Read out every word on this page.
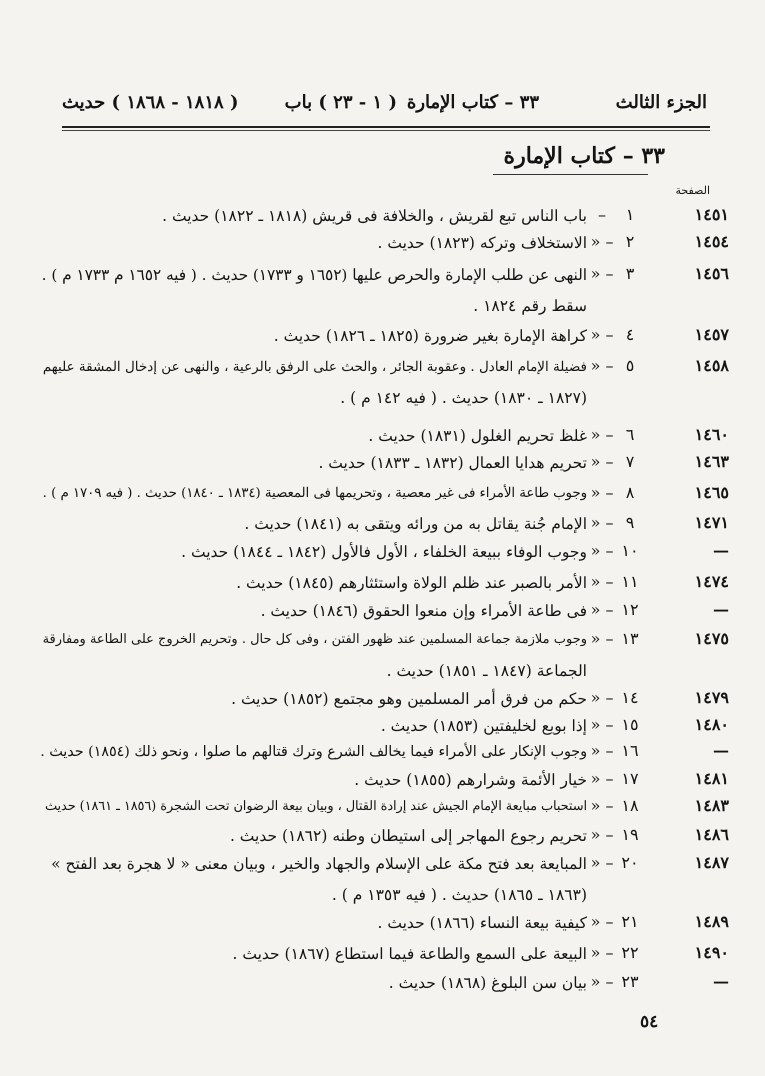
الجزء الثالث
٣٣ – كتاب الإمارة
( ١ - ٢٣ ) باب
( ١٨١٨ - ١٨٦٨ ) حديث
٣٣ – كتاب الإمارة
الصفحة
١٤٥١
١
–
باب الناس تبع لقريش ، والخلافة فى قريش (١٨١٨ ـ ١٨٢٢) حديث .
١٤٥٤
٢
– «
الاستخلاف وتركه (١٨٢٣) حديث .
١٤٥٦
٣
– «
النهى عن طلب الإمارة والحرص عليها (١٦٥٢ و ١٧٣٣) حديث . ( فيه ١٦٥٢ م ١٧٣٣ م ) .
سقط رقم ١٨٢٤ .
١٤٥٧
٤
– «
كراهة الإمارة بغير ضرورة (١٨٢٥ ـ ١٨٢٦) حديث .
١٤٥٨
٥
– «
فضيلة الإمام العادل . وعقوبة الجائر ، والحث على الرفق بالرعية ، والنهى عن إدخال المشقة عليهم
(١٨٢٧ ـ ١٨٣٠) حديث . ( فيه ١٤٢ م ) .
١٤٦٠
٦
– «
غلظ تحريم الغلول (١٨٣١) حديث .
١٤٦٣
٧
– «
تحريم هدايا العمال (١٨٣٢ ـ ١٨٣٣) حديث .
١٤٦٥
٨
– «
وجوب طاعة الأمراء فى غير معصية ، وتحريمها فى المعصية (١٨٣٤ ـ ١٨٤٠) حديث . ( فيه ١٧٠٩ م ) .
١٤٧١
٩
– «
الإمام جُنة يقاتل به من ورائه ويتقى به (١٨٤١) حديث .
—
١٠
– «
وجوب الوفاء ببيعة الخلفاء ، الأول فالأول (١٨٤٢ ـ ١٨٤٤) حديث .
١٤٧٤
١١
– «
الأمر بالصبر عند ظلم الولاة واستئثارهم (١٨٤٥) حديث .
—
١٢
– «
فى طاعة الأمراء وإن منعوا الحقوق (١٨٤٦) حديث .
١٤٧٥
١٣
– «
وجوب ملازمة جماعة المسلمين عند ظهور الفتن ، وفى كل حال . وتحريم الخروج على الطاعة ومفارقة
الجماعة (١٨٤٧ ـ ١٨٥١) حديث .
١٤٧٩
١٤
– «
حكم من فرق أمر المسلمين وهو مجتمع (١٨٥٢) حديث .
١٤٨٠
١٥
– «
إذا بويع لخليفتين (١٨٥٣) حديث .
—
١٦
– «
وجوب الإنكار على الأمراء فيما يخالف الشرع وترك قتالهم ما صلوا ، ونحو ذلك (١٨٥٤) حديث .
١٤٨١
١٧
– «
خيار الأئمة وشرارهم (١٨٥٥) حديث .
١٤٨٣
١٨
– «
استحباب مبايعة الإمام الجيش عند إرادة القتال ، وبيان بيعة الرضوان تحت الشجرة (١٨٥٦ ـ ١٨٦١) حديث
١٤٨٦
١٩
– «
تحريم رجوع المهاجر إلى استيطان وطنه (١٨٦٢) حديث .
١٤٨٧
٢٠
– «
المبايعة بعد فتح مكة على الإسلام والجهاد والخير ، وبيان معنى « لا هجرة بعد الفتح »
(١٨٦٣ ـ ١٨٦٥) حديث . ( فيه ١٣٥٣ م ) .
١٤٨٩
٢١
– «
كيفية بيعة النساء (١٨٦٦) حديث .
١٤٩٠
٢٢
– «
البيعة على السمع والطاعة فيما استطاع (١٨٦٧) حديث .
—
٢٣
– «
بيان سن البلوغ (١٨٦٨) حديث .
٥٤
